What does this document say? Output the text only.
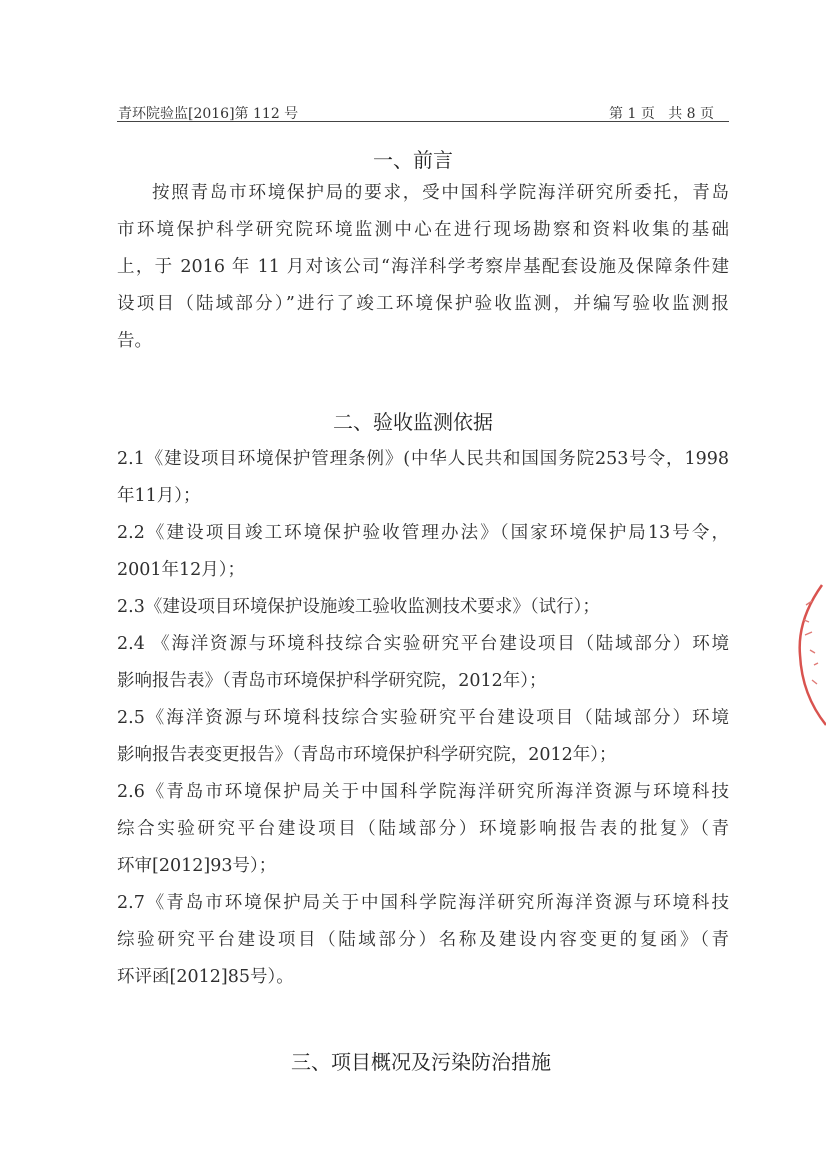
青环院验监[2016]第 112 号	第 1 页   共 8 页
一、前言
按照青岛市环境保护局的要求，受中国科学院海洋研究所委托，青岛
市环境保护科学研究院环境监测中心在进行现场勘察和资料收集的基础
上，于 2016 年 11 月对该公司“海洋科学考察岸基配套设施及保障条件建
设项目（陆域部分）”进行了竣工环境保护验收监测，并编写验收监测报
告。
二、验收监测依据
2.1《建设项目环境保护管理条例》(中华人民共和国国务院253号令，1998
年11月）；
2.2《建设项目竣工环境保护验收管理办法》（国家环境保护局13号令，
2001年12月）；
2.3《建设项目环境保护设施竣工验收监测技术要求》（试行）；
2.4 《海洋资源与环境科技综合实验研究平台建设项目（陆域部分）环境
影响报告表》（青岛市环境保护科学研究院，2012年）；
2.5《海洋资源与环境科技综合实验研究平台建设项目（陆域部分）环境
影响报告表变更报告》（青岛市环境保护科学研究院，2012年）；
2.6《青岛市环境保护局关于中国科学院海洋研究所海洋资源与环境科技
综合实验研究平台建设项目（陆域部分）环境影响报告表的批复》（青
环审[2012]93号）；
2.7《青岛市环境保护局关于中国科学院海洋研究所海洋资源与环境科技
综验研究平台建设项目（陆域部分）名称及建设内容变更的复函》（青
环评函[2012]85号）。
三、项目概况及污染防治措施
